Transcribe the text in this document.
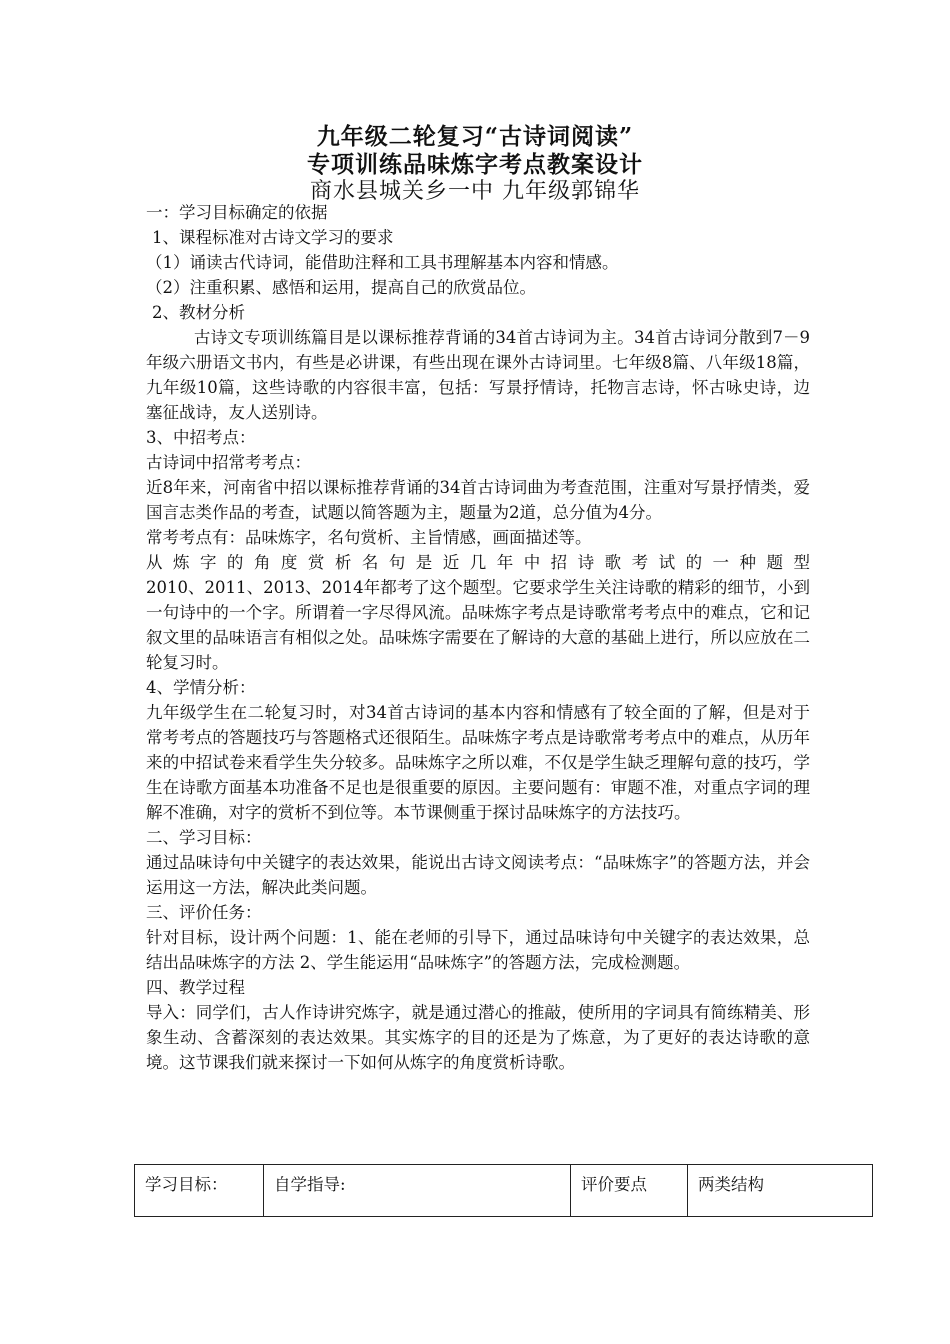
九年级二轮复习“古诗词阅读”
专项训练品味炼字考点教案设计
商水县城关乡一中 九年级郭锦华

一：学习目标确定的依据

1、课程标准对古诗文学习的要求

（1）诵读古代诗词，能借助注释和工具书理解基本内容和情感。

（2）注重积累、感悟和运用，提高自己的欣赏品位。

2、教材分析

古诗文专项训练篇目是以课标推荐背诵的34首古诗词为主。34首古诗词分散到7－9年级六册语文书内，有些是必讲课，有些出现在课外古诗词里。七年级8篇、八年级18篇，九年级10篇，这些诗歌的内容很丰富，包括：写景抒情诗，托物言志诗，怀古咏史诗，边塞征战诗，友人送别诗。

3、中招考点：

古诗词中招常考考点：

近8年来，河南省中招以课标推荐背诵的34首古诗词曲为考查范围，注重对写景抒情类，爱国言志类作品的考查，试题以简答题为主，题量为2道，总分值为4分。

常考考点有：品味炼字，名句赏析、主旨情感，画面描述等。

从炼字的角度赏析名句是近几年中招诗歌考试的一种题型

2010、2011、2013、2014年都考了这个题型。它要求学生关注诗歌的精彩的细节，小到一句诗中的一个字。所谓着一字尽得风流。品味炼字考点是诗歌常考考点中的难点，它和记叙文里的品味语言有相似之处。品味炼字需要在了解诗的大意的基础上进行，所以应放在二轮复习时。

4、学情分析：

九年级学生在二轮复习时，对34首古诗词的基本内容和情感有了较全面的了解，但是对于常考考点的答题技巧与答题格式还很陌生。品味炼字考点是诗歌常考考点中的难点，从历年来的中招试卷来看学生失分较多。品味炼字之所以难，不仅是学生缺乏理解句意的技巧，学生在诗歌方面基本功准备不足也是很重要的原因。主要问题有：审题不准，对重点字词的理解不准确，对字的赏析不到位等。本节课侧重于探讨品味炼字的方法技巧。

二、学习目标：

通过品味诗句中关键字的表达效果，能说出古诗文阅读考点：“品味炼字”的答题方法，并会运用这一方法，解决此类问题。

三、评价任务：

针对目标，设计两个问题：1、能在老师的引导下，通过品味诗句中关键字的表达效果，总结出品味炼字的方法 2、学生能运用“品味炼字”的答题方法，完成检测题。

四、教学过程

导入：同学们，古人作诗讲究炼字，就是通过潜心的推敲，使所用的字词具有简练精美、形象生动、含蓄深刻的表达效果。其实炼字的目的还是为了炼意，为了更好的表达诗歌的意境。这节课我们就来探讨一下如何从炼字的角度赏析诗歌。

学习目标：	自学指导:	评价要点	两类结构
